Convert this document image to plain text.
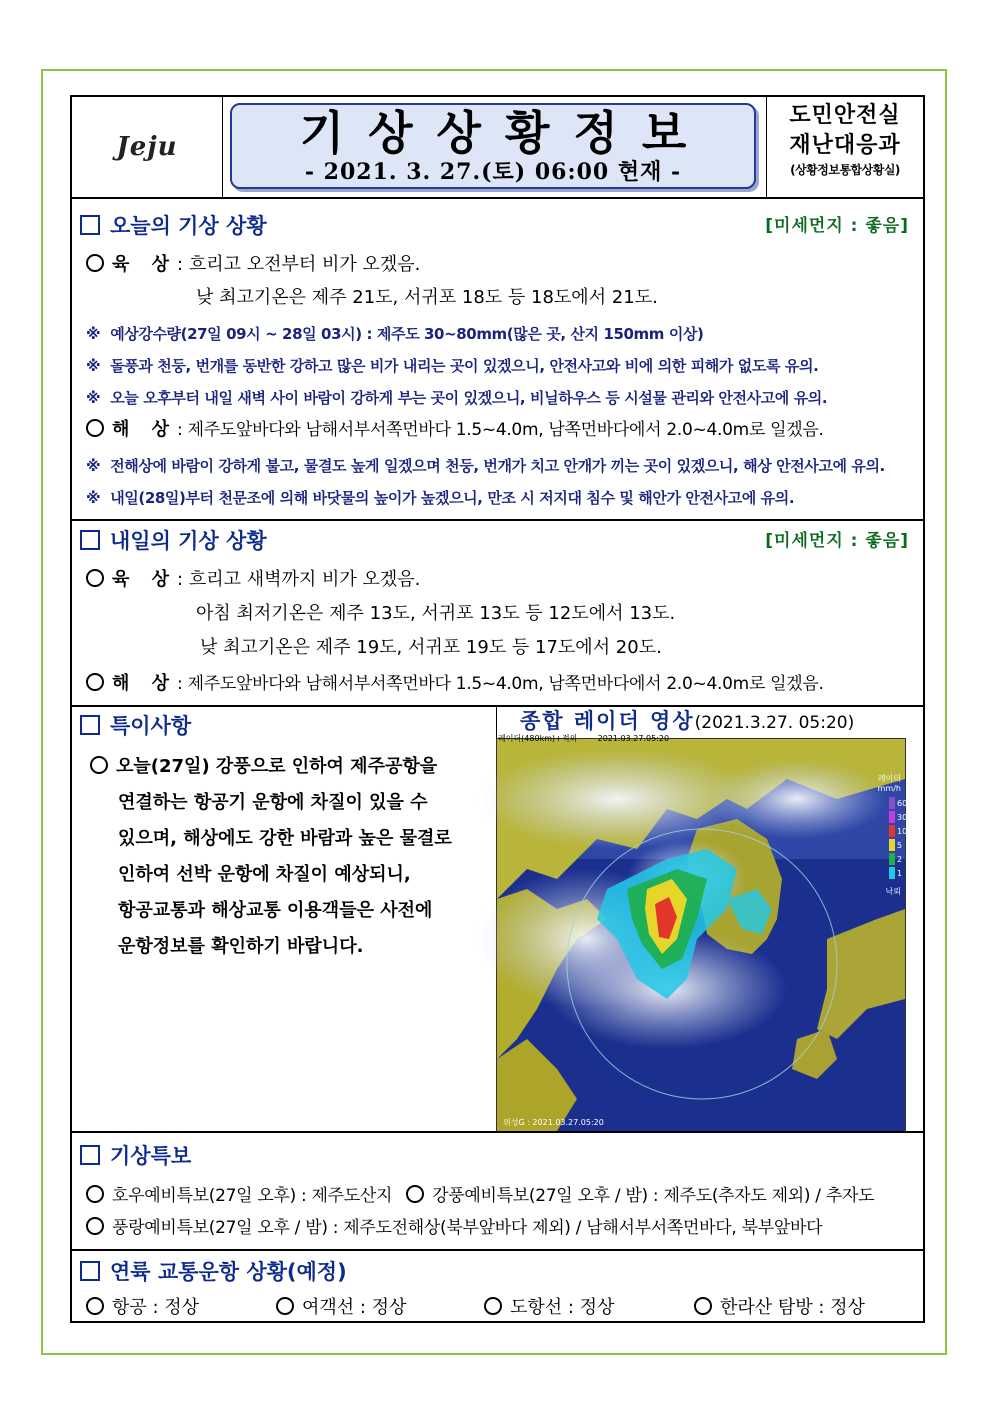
Jeju	기상상황정보
- 2021. 3. 27.(토) 06:00 현재 -
도민안전실
재난대응과
(상황정보통합상황실)
오늘의 기상 상황	[미세먼지 : 좋음]
육 상: 흐리고 오전부터 비가 오겠음.
낮 최고기온은 제주 21도, 서귀포 18도 등 18도에서 21도.
※ 예상강수량(27일 09시 ~ 28일 03시) : 제주도 30~80mm(많은 곳, 산지 150mm 이상)
※ 돌풍과 천둥, 번개를 동반한 강하고 많은 비가 내리는 곳이 있겠으니, 안전사고와 비에 의한 피해가 없도록 유의.
※ 오늘 오후부터 내일 새벽 사이 바람이 강하게 부는 곳이 있겠으니, 비닐하우스 등 시설물 관리와 안전사고에 유의.
해 상: 제주도앞바다와 남해서부서쪽먼바다 1.5~4.0m, 남쪽먼바다에서 2.0~4.0m로 일겠음.
※ 전해상에 바람이 강하게 불고, 물결도 높게 일겠으며 천둥, 번개가 치고 안개가 끼는 곳이 있겠으니, 해상 안전사고에 유의.
※ 내일(28일)부터 천문조에 의해 바닷물의 높이가 높겠으니, 만조 시 저지대 침수 및 해안가 안전사고에 유의.
내일의 기상 상황	[미세먼지 : 좋음]
육 상: 흐리고 새벽까지 비가 오겠음.
아침 최저기온은 제주 13도, 서귀포 13도 등 12도에서 13도.
낮 최고기온은 제주 19도, 서귀포 19도 등 17도에서 20도.
해 상: 제주도앞바다와 남해서부서쪽먼바다 1.5~4.0m, 남쪽먼바다에서 2.0~4.0m로 일겠음.
특이사항
오늘(27일) 강풍으로 인하여 제주공항을
연결하는 항공기 운항에 차질이 있을 수
있으며, 해상에도 강한 바람과 높은 물결로
인하여 선박 운항에 차질이 예상되니,
항공교통과 해상교통 이용객들은 사전에
운항정보를 확인하기 바랍니다.
종합 레이더 영상(2021.3.27. 05:20)
레이더
mm/h
60
30
10
5
2
1
낙뢰
위성G : 2021.03.27.05:20
레이더(480km)+적외	2021.03.27.05:20
기상특보
호우예비특보(27일 오후) : 제주도산지 강풍예비특보(27일 오후 / 밤) : 제주도(추자도 제외) / 추자도
풍랑예비특보(27일 오후 / 밤) : 제주도전해상(북부앞바다 제외) / 남해서부서쪽먼바다, 북부앞바다
연륙 교통운항 상황(예정)
항공 : 정상	여객선 : 정상	도항선 : 정상	한라산 탐방 : 정상
